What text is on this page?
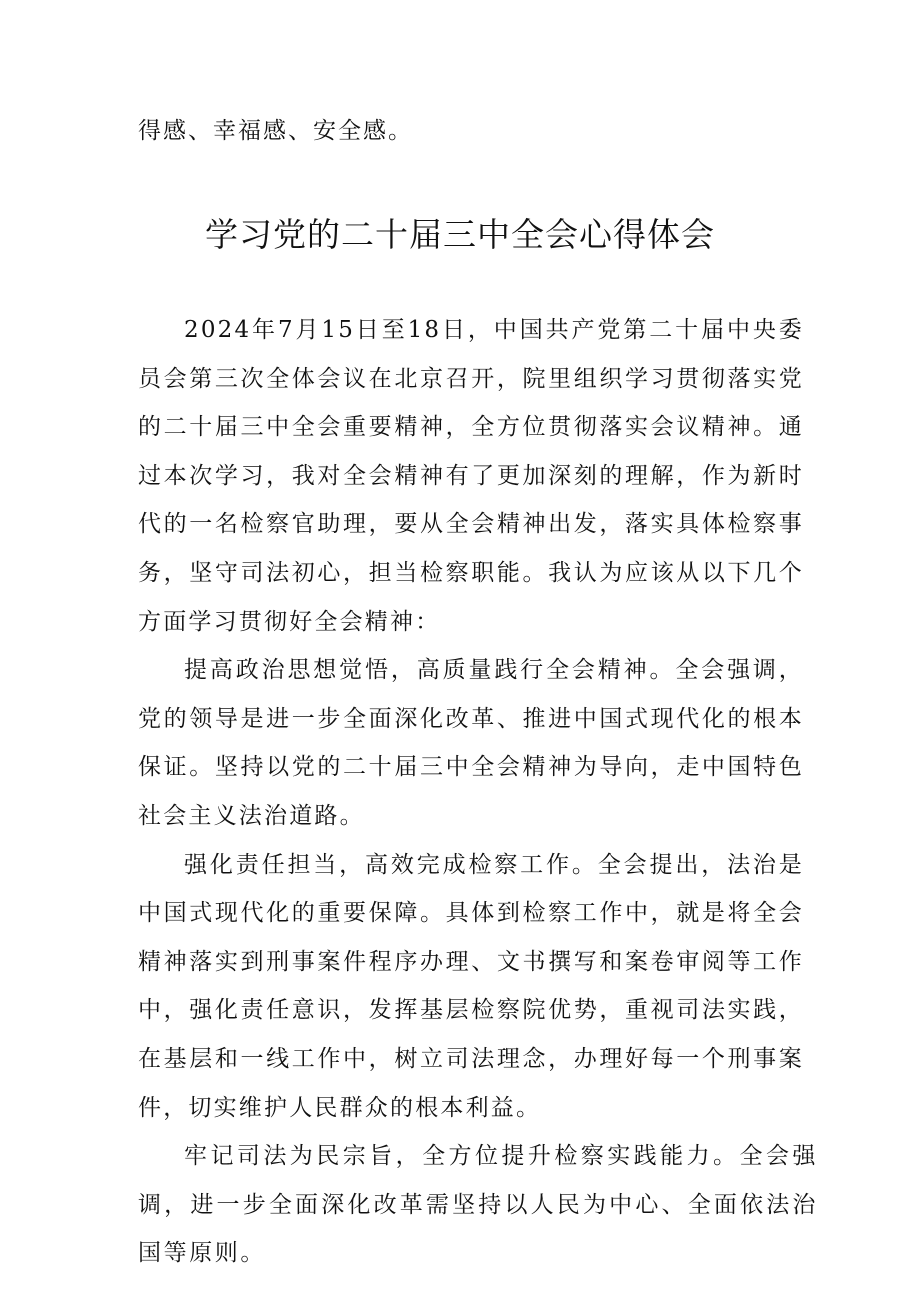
得感、幸福感、安全感。

学习党的二十届三中全会心得体会

2024年7月15日至18日，中国共产党第二十届中央委员会第三次全体会议在北京召开，院里组织学习贯彻落实党的二十届三中全会重要精神，全方位贯彻落实会议精神。通过本次学习，我对全会精神有了更加深刻的理解，作为新时代的一名检察官助理，要从全会精神出发，落实具体检察事务，坚守司法初心，担当检察职能。我认为应该从以下几个方面学习贯彻好全会精神：

提高政治思想觉悟，高质量践行全会精神。全会强调，党的领导是进一步全面深化改革、推进中国式现代化的根本保证。坚持以党的二十届三中全会精神为导向，走中国特色社会主义法治道路。

强化责任担当，高效完成检察工作。全会提出，法治是中国式现代化的重要保障。具体到检察工作中，就是将全会精神落实到刑事案件程序办理、文书撰写和案卷审阅等工作中，强化责任意识，发挥基层检察院优势，重视司法实践，在基层和一线工作中，树立司法理念，办理好每一个刑事案件，切实维护人民群众的根本利益。

牢记司法为民宗旨，全方位提升检察实践能力。全会强调，进一步全面深化改革需坚持以人民为中心、全面依法治国等原则。
